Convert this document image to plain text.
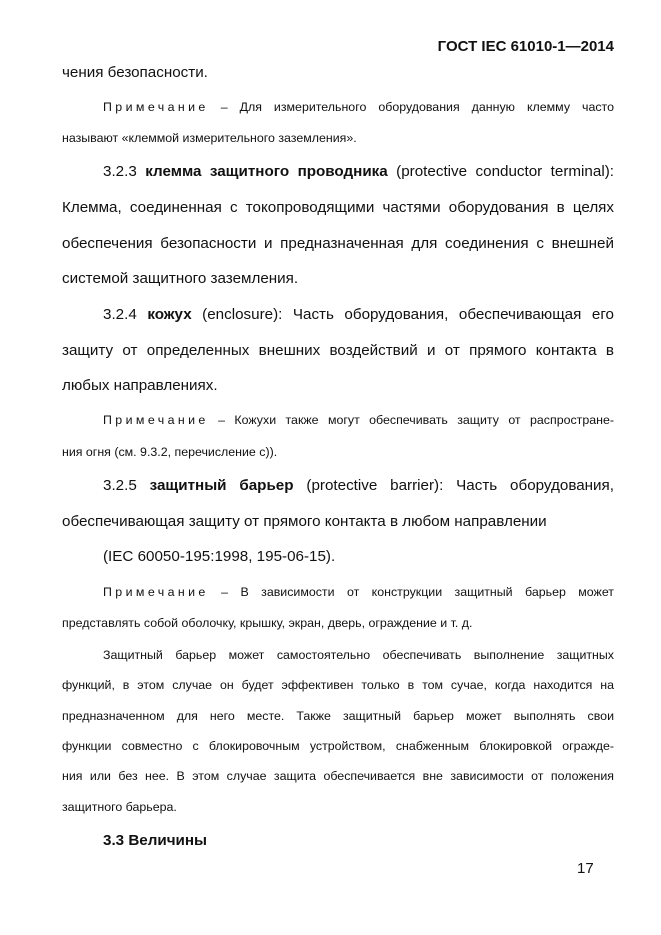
ГОСТ IEC 61010-1—2014
чения безопасности.
Примечание – Для измерительного оборудования данную клемму часто
называют «клеммой измерительного заземления».
3.2.3 клемма защитного проводника (protective conductor terminal):
Клемма, соединенная с токопроводящими частями оборудования в целях
обеспечения безопасности и предназначенная для соединения с внешней
системой защитного заземления.
3.2.4 кожух (enclosure): Часть оборудования, обеспечивающая его
защиту от определенных внешних воздействий и от прямого контакта в
любых направлениях.
Примечание – Кожухи также могут обеспечивать защиту от распростране-
ния огня (см. 9.3.2, перечисление с)).
3.2.5 защитный барьер (protective barrier): Часть оборудования,
обеспечивающая защиту от прямого контакта в любом направлении
(IEC 60050-195:1998, 195-06-15).
Примечание – В зависимости от конструкции защитный барьер может
представлять собой оболочку, крышку, экран, дверь, ограждение и т. д.
Защитный барьер может самостоятельно обеспечивать выполнение защитных
функций, в этом случае он будет эффективен только в том сучае, когда находится на
предназначенном для него месте. Также защитный барьер может выполнять свои
функции совместно с блокировочным устройством, снабженным блокировкой огражде-
ния или без нее. В этом случае защита обеспечивается вне зависимости от положения
защитного барьера.
3.3 Величины
17
